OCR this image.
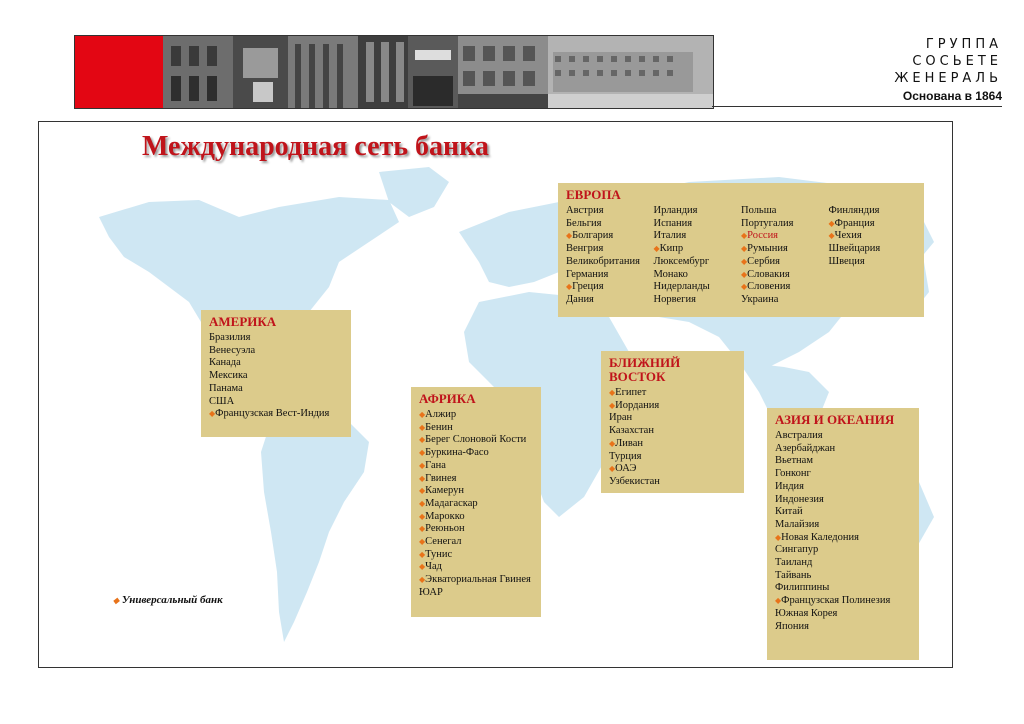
ГРУППА
СОСЬЕТЕ
ЖЕНЕРАЛЬ
Основана в 1864
Международная сеть банка
ЕВРОПА
Австрия
Бельгия
◆Болгария
Венгрия
Великобритания
Германия
◆Греция
Дания
Ирландия
Испания
Италия
◆Кипр
Люксембург
Монако
Нидерланды
Норвегия
Польша
Португалия
◆Россия
◆Румыния
◆Сербия
◆Словакия
◆Словения
Украина
Финляндия
◆Франция
◆Чехия
Швейцария
Швеция
АМЕРИКА
Бразилия
Венесуэла
Канада
Мексика
Панама
США
◆Французская Вест-Индия
БЛИЖНИЙ ВОСТОК
◆Египет
◆Иордания
Иран
Казахстан
◆Ливан
Турция
◆ОАЭ
Узбекистан
АФРИКА
◆Алжир
◆Бенин
◆Берег Слоновой Кости
◆Буркина-Фасо
◆Гана
◆Гвинея
◆Камерун
◆Мадагаскар
◆Марокко
◆Реюньон
◆Сенегал
◆Тунис
◆Чад
◆Экваториальная Гвинея
ЮАР
АЗИЯ И ОКЕАНИЯ
Австралия
Азербайджан
Вьетнам
Гонконг
Индия
Индонезия
Китай
Малайзия
◆Новая Каледония
Сингапур
Таиланд
Тайвань
Филиппины
◆Французская Полинезия
Южная Корея
Япония
◆ Универсальный банк
